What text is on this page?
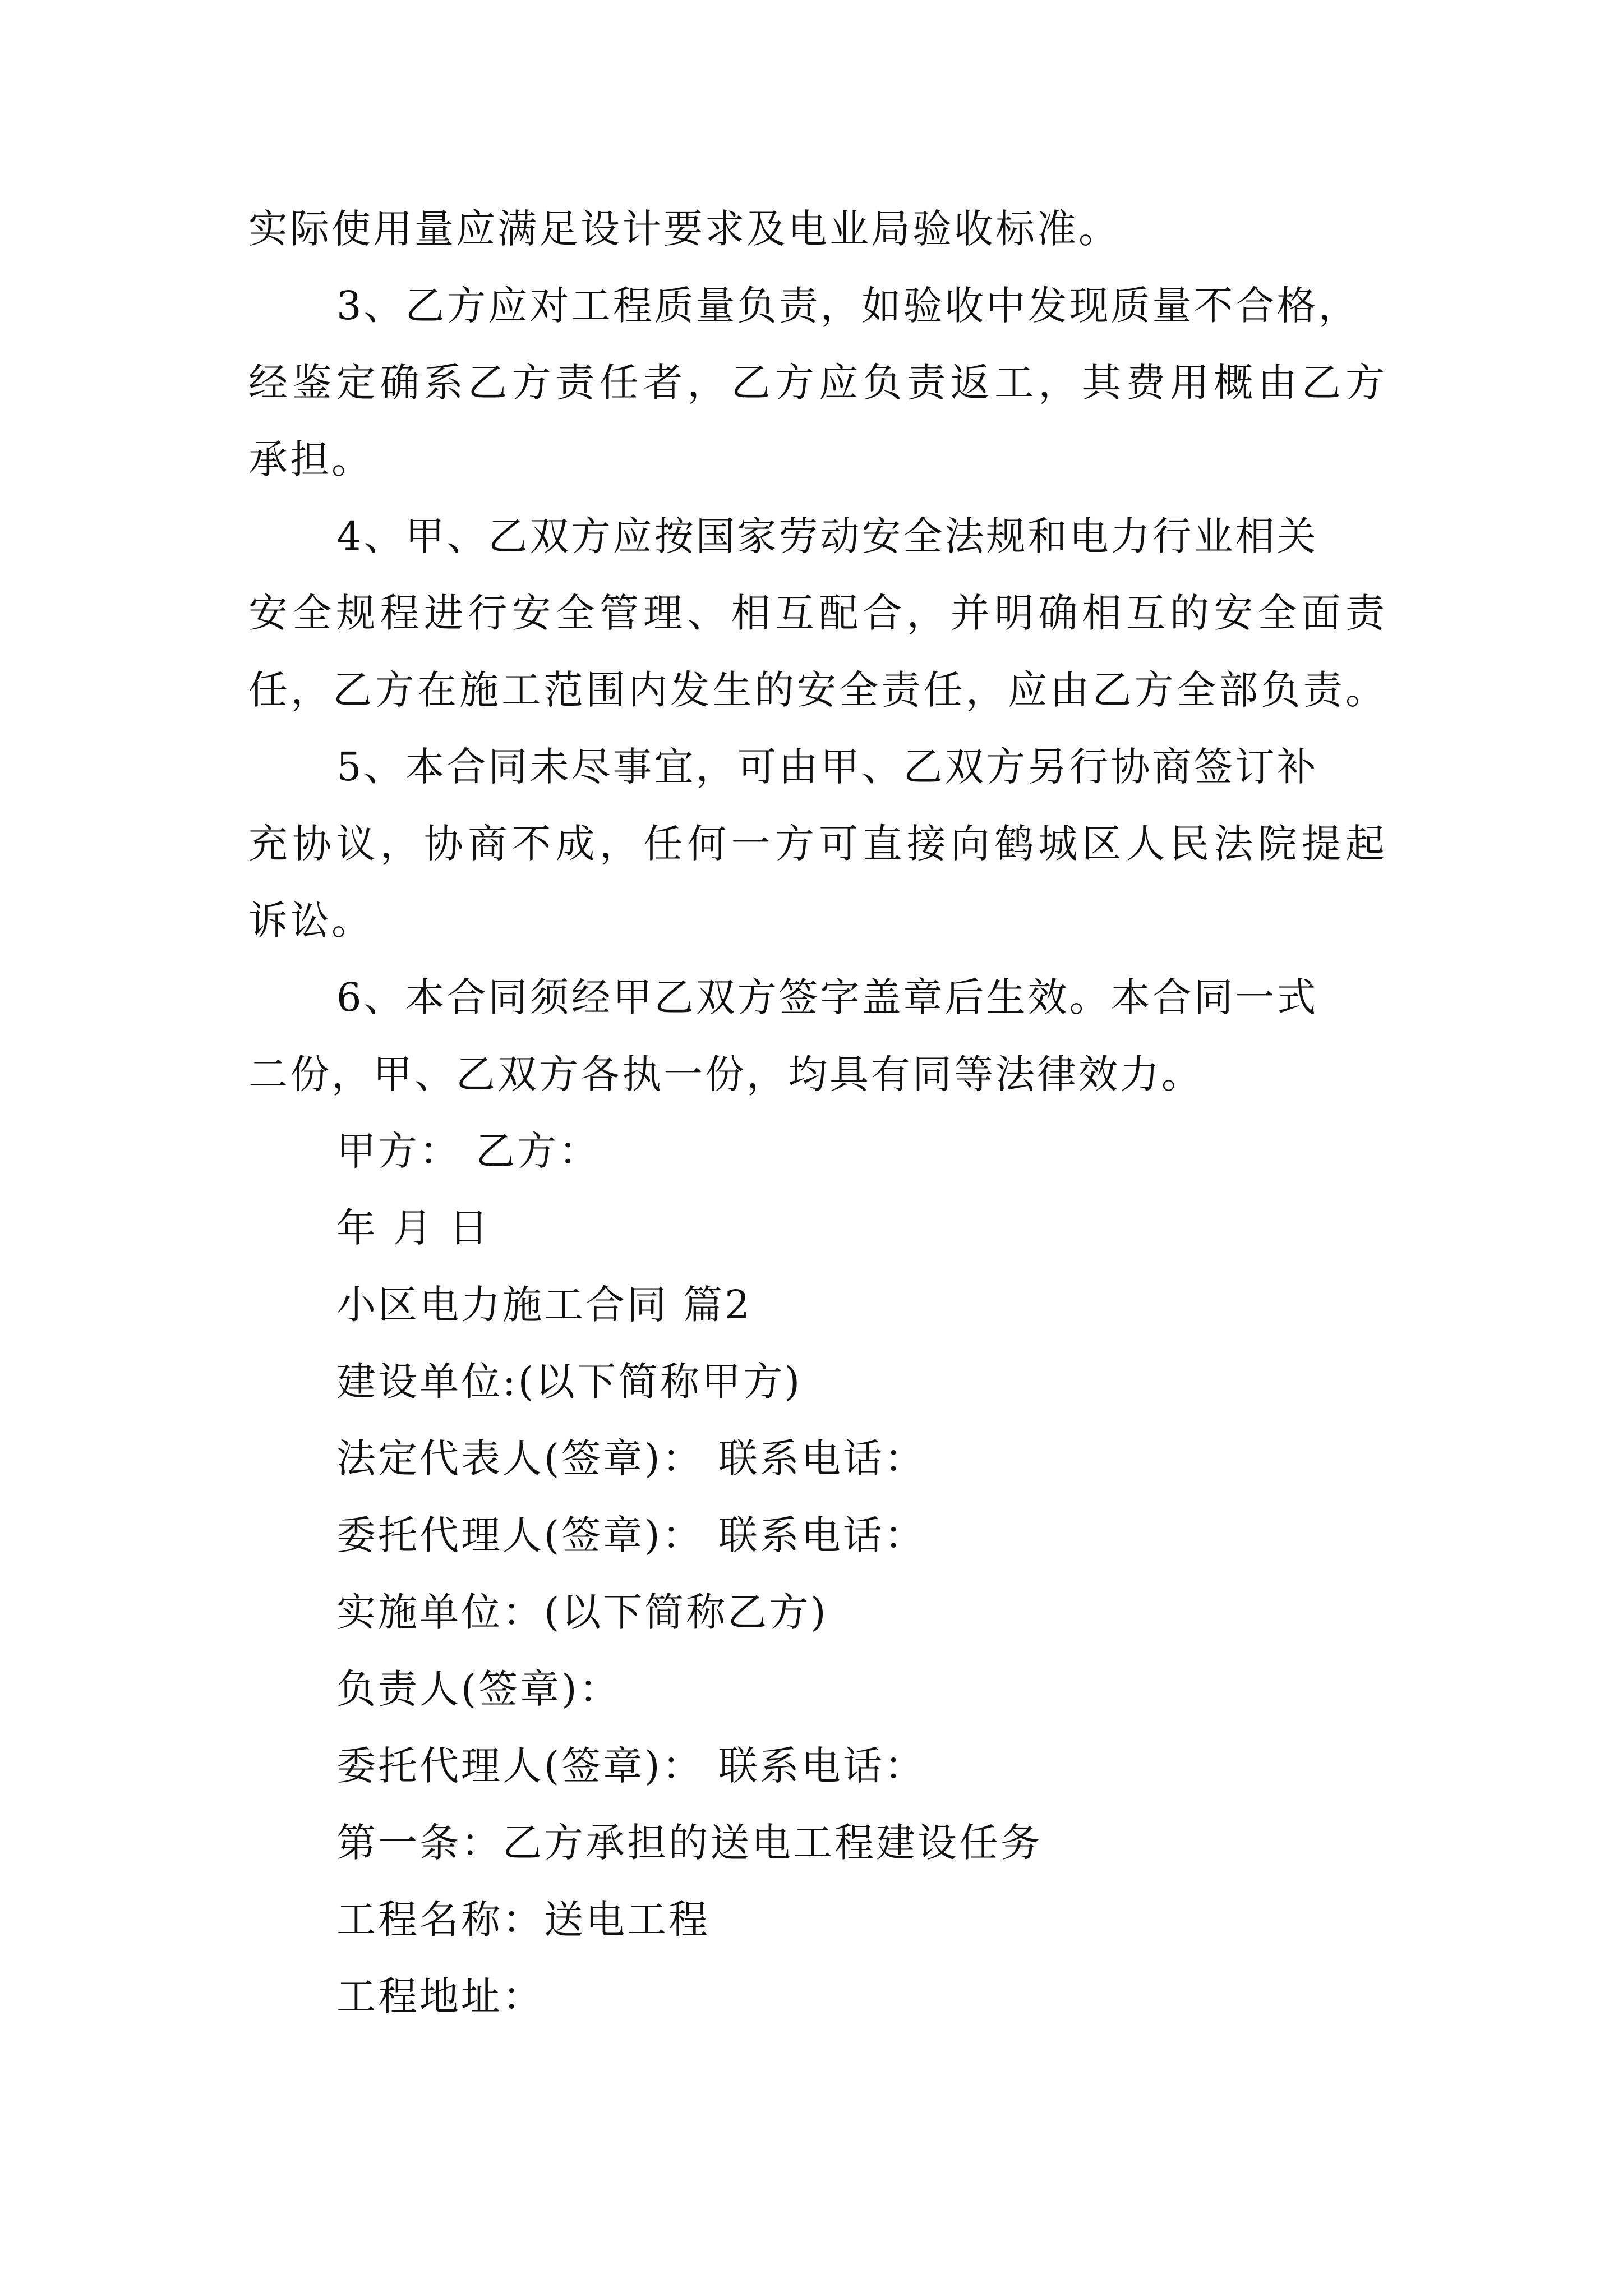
实际使用量应满足设计要求及电业局验收标准。
3、乙方应对工程质量负责，如验收中发现质量不合格，
经鉴定确系乙方责任者，乙方应负责返工，其费用概由乙方
承担。
4、甲、乙双方应按国家劳动安全法规和电力行业相关
安全规程进行安全管理、相互配合，并明确相互的安全面责
任，乙方在施工范围内发生的安全责任，应由乙方全部负责。
5、本合同未尽事宜，可由甲、乙双方另行协商签订补
充协议，协商不成，任何一方可直接向鹤城区人民法院提起
诉讼。
6、本合同须经甲乙双方签字盖章后生效。本合同一式
二份，甲、乙双方各执一份，均具有同等法律效力。
甲方： 乙方：
年 月 日
小区电力施工合同 篇2
建设单位:(以下简称甲方)
法定代表人(签章)： 联系电话：
委托代理人(签章)： 联系电话：
实施单位：(以下简称乙方)
负责人(签章)：
委托代理人(签章)： 联系电话：
第一条：乙方承担的送电工程建设任务
工程名称：送电工程
工程地址：
